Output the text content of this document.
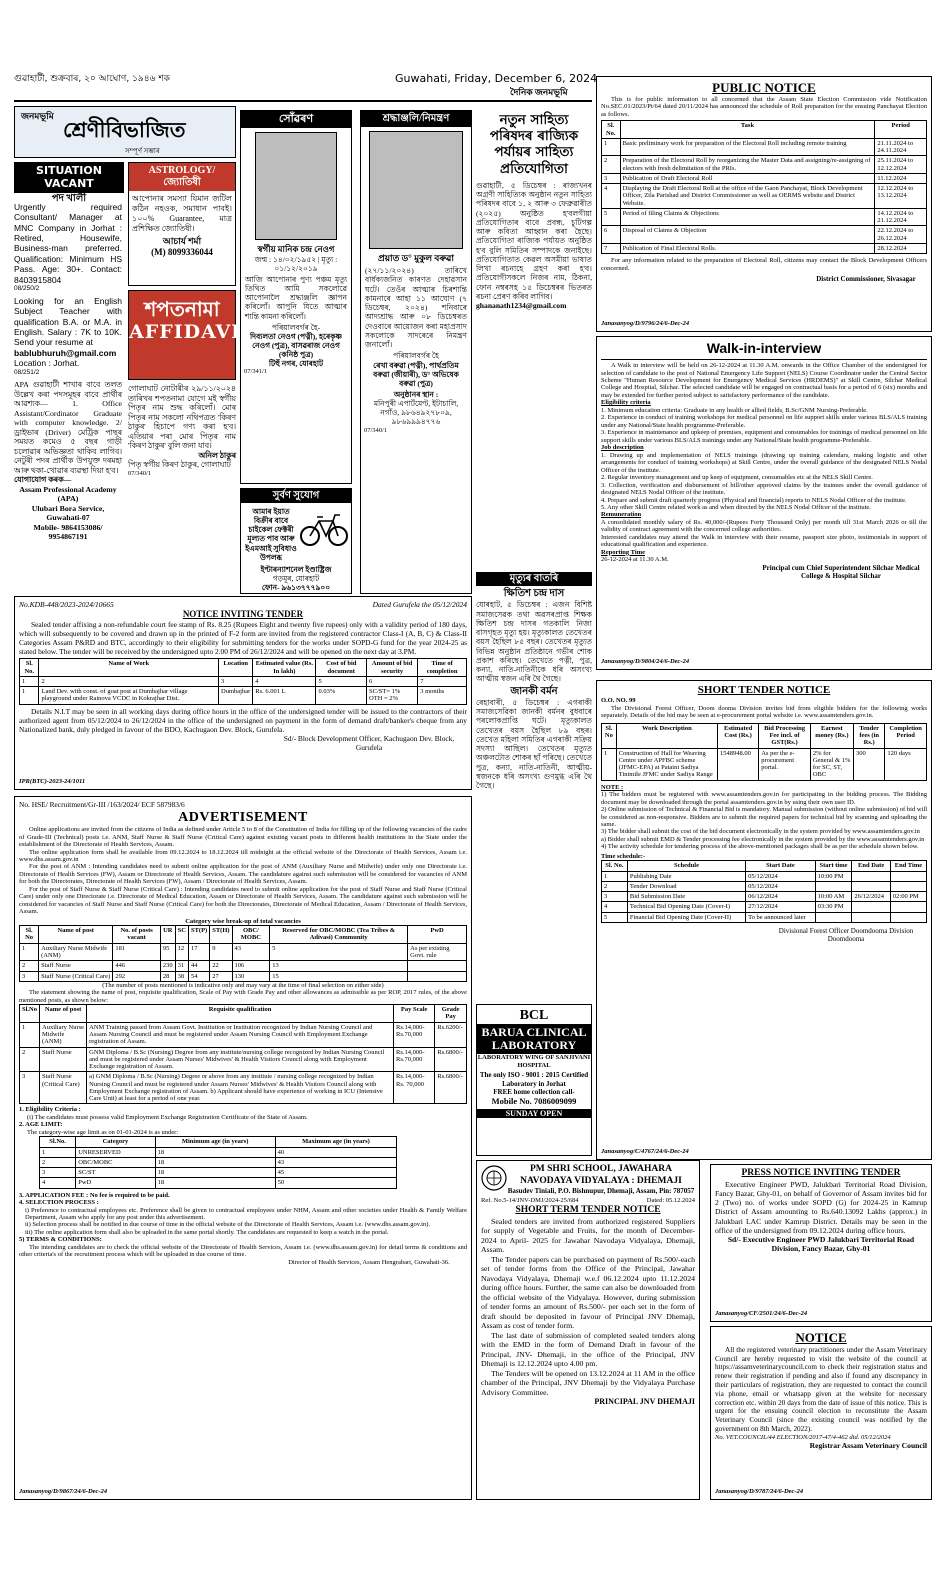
গুৱাহাটী, শুক্ৰবাৰ, ২০ আঘোণ, ১৯৪৬ শক	Guwahati, Friday, December 6, 2024
দৈনিক জনমভূমি
জনমভূমি
শ্ৰেণীবিভাজিত
সম্পূৰ্ণ সম্ভাৰ
SITUATION VACANT
পদ খালী
Urgently required Consultant/ Manager at MNC Company in Jorhat : Retired, Housewife, Business-man preferred. Qualification: Minimum HS Pass. Age: 30+. Contact: 8403915804
08/250/2
Looking for an English Subject Teacher with qualification B.A. or M.A. in English. Salary : 7K to 10K. Send your resume at
bablubhuruh@gmail.com
Location : Jorhat.
08/251/2
APA গুৱাহাটী শাখাৰ বাবে তলত উল্লেখ কৰা পদসমূহৰ বাবে প্ৰাৰ্থীৰ আৱশ্যক— 1. Office Assistant/Cordinator Graduate with computer knowledge. 2/ ড্ৰাইভাৰ (Driver) মেট্ৰিক পাছৰ সময়ত কমেও ৫ বছৰ গাড়ী চলোৱাৰ অভিজ্ঞতা থাকিব লাগিব। নেটুৰী পদৰ প্ৰাৰ্থীক উপযুক্ত দৰমহা আৰু থকা-খোৱাৰ ব্যৱস্থা দিয়া হ'ব।
যোগাযোগ কৰক—
Assam Professional Academy (APA)
Ulubari Bora Service, Guwahati-07
Mobile- 9864153086/ 9954867191
ASTROLOGY/জ্যোতিষী
আপোনাৰ সমস্যা যিমান জটিল কঠিন নহওক, সমাধান পাবই। ১০০% Guarantee, মাত্ৰ প্ৰশিক্ষিত জ্যোতিষী।
আচাৰ্য শৰ্মা
(M) 8099336044
শপতনামা
AFFIDAVIT
গোলাঘাট নোটাৰীৰ ২৯/১১/২০২৪ তাৰিখৰ শপতনামা যোগে মই স্বৰ্গীয় পিতৃৰ নাম শুদ্ধ কৰিলোঁ। মোৰ পিতৃৰ নাম সকলো নথিপত্ৰত 'কিৰণ ঠাকুৰ' হিচাপে গণ্য কৰা হ'ব। এতিয়াৰ পৰা মোৰ পিতৃৰ নাম 'কিৰণ ঠাকুৰ' বুলি জনা যাব।
অনিল ঠাকুৰ
পিতৃ স্বৰ্গীয় কিৰণ ঠাকুৰ, গোলাঘাট
07/340/1
সোঁৱৰণ
স্বৰ্গীয় মানিক চন্দ্ৰ নেওগ
জন্ম : ১৪/০২/১৯৫২ | মৃত্যু : ০১/১২/২০১৯
আজি আপোনাৰ পুণ্য পঞ্চম মৃত্যু তিথিত আমি সকলোৱে আপোনালৈ শ্ৰদ্ধাঞ্জলি জ্ঞাপন কৰিলোঁ। আপুনি যিতে আত্মাৰ শান্তি কামনা কৰিলোঁ।
পৰিয়ালবৰ্গৰ হৈ-
দিব্যলতা নেওগ (পত্নী), হৰেকৃষ্ণ নেওগ (পুত্ৰ), বাসৱৰাজ নেওগ (কনিষ্ঠ পুত্ৰ)
টিহুঁ নগৰ, যোৰহাট
07/341/1
শ্ৰদ্ধাঞ্জলি/নিমন্ত্ৰণ
প্ৰয়াত ড° মুকুল বৰুৱা
(২৭/১১/২০২৪) তাৰিখে বাৰ্ধক্যজনিত কাৰণত দেহাৱসান ঘটে। তেওঁৰ আত্মাৰ চিৰশান্তি কামনাৰে আহা ১১ আঘোণ (৭ ডিচেম্বৰ, ২০২৪) শনিবাৰে আদ্যশ্ৰাদ্ধ আৰু ০৮ ডিচেম্বৰত দেওবাৰে আয়োজন কৰা মহাপ্ৰসাদ সকলোকে সাদৰেৰে নিমন্ত্ৰণ জনালোঁ।
পৰিয়ালবৰ্গৰ হৈ
ৰেখা বৰুৱা (পত্নী), পাৰ্থপ্ৰতিম বৰুৱা (জীয়াৰী), ড° অভিষেক বৰুৱা (পুত্ৰ)
অনুষ্ঠানৰ স্থান :
মনিপুৰী এপাৰ্টমেণ্ট, ইটাচালি, নগাঁও, ৯৮৬৪৯২৭৮০৯, ৯৮৬৯৯৯৪৭৭৬
07/340/1
সুৰ্বণ সুযোগ
আমাৰ ইয়াত বিক্ৰীৰ বাবে চাইকেল ফেক্টৰী মূল্যত পাব আৰু ইএমআই সুবিধাও উপলব্ধ
ইণ্টাৰন্যাশনেল ইণ্ডাষ্ট্ৰিজ
গড়মূৰ, যোৰহাট
ফোন- ৯৬১৩৭৭৭৯০০
নতুন সাহিত্য পৰিষদৰ ৰাজ্যিক পৰ্যায়ৰ সাহিত্য প্ৰতিযোগিতা
গুৱাহাটী, ৫ ডিচেম্বৰ : ৰাজ্যখনৰ অগ্ৰণী সাহিত্যিক অনুষ্ঠান নতুন সাহিত্য পৰিষদৰ বাবে ১, ২ আৰু ৩ ফেব্ৰুৱাৰীত (২০২৫) অনুষ্ঠিত হ'বলগীয়া প্ৰতিযোগিতাৰ বাবে প্ৰবন্ধ, চুটিগল্প আৰু কবিতা আহ্বান কৰা হৈছে। প্ৰতিযোগিতা ৰাজ্যিক পৰ্যায়ত অনুষ্ঠিত হ'ব বুলি সমিতিৰ সম্পাদকে জনাইছে। প্ৰতিযোগিতাত কেৱল অসমীয়া ভাষাত লিখা ৰচনাহে গ্ৰহণ কৰা হ'ব। প্ৰতিযোগীসকলে নিজৰ নাম, ঠিকনা, ফোন নম্বৰসহ ১৫ ডিচেম্বৰৰ ভিতৰত ৰচনা প্ৰেৰণ কৰিব লাগিব।
ghananath1234@gmail.com
মৃত্যুৰ বাতৰি
ক্ষিতিশ চন্দ্ৰ দাস
যোৰহাট, ৫ ডিচেম্বৰ : এজন বিশিষ্ট সমাজসেৱক তথা অৱসৰপ্ৰাপ্ত শিক্ষক ক্ষিতিশ চন্দ্ৰ দাসৰ গতকালি নিজা বাসগৃহত মৃত্যু হয়। মৃত্যুকালত তেখেতৰ বয়স হৈছিল ৮৫ বছৰ। তেখেতৰ মৃত্যুত বিভিন্ন অনুষ্ঠান প্ৰতিষ্ঠানে গভীৰ শোক প্ৰকাশ কৰিছে। তেখেতে পত্নী, পুত্ৰ, কন্যা, নাতি-নাতিনীকে ধৰি অসংখ্য আত্মীয় স্বজন এৰি থৈ গৈছে।
জানকী বৰ্মন
ৰেহাবাৰী, ৫ ডিচেম্বৰ : এগৰাকী সমাজসেৱিকা জানকী বৰ্মনৰ বুধবাৰে পৰলোকপ্ৰাপ্তি ঘটে। মৃত্যুকালত তেখেতৰ বয়স হৈছিল ৮৯ বছৰ। তেখেত মহিলা সমিতিৰ এগৰাকী সক্ৰিয় সদস্যা আছিল। তেখেতৰ মৃত্যুত অঞ্চলটোত শোকৰ ছাঁ পৰিছে। তেখেতে পুত্ৰ, কন্যা, নাতি-নাতিনী, আত্মীয়-স্বজনকে ধৰি অসংখ্য গুণমুগ্ধ এৰি থৈ গৈছে।
No.KDB-448/2023-2024/10665	Dated Gurufela the 05/12/2024
NOTICE INVITING TENDER
Sealed tender affixing a non-refundable court fee stamp of Rs. 8.25 (Rupees Eight and twenty five rupees) only with a validity period of 180 days, which will subsequently to be covered and drawn up in the printed of F-2 form are invited from the registered contractor Class-I (A, B, C) & Class-II Categories Assam P&RD and BTC, accordingly to their eligibility for submitting tenders for the works under SOPD-G fund for the year 2024-25 as stated below. The tender will be received by the undersigned upto 2.00 PM of 26/12/2024 and will be opened on the next day at 3.PM.
Sl. No.	Name of Work	Location	Estimated value (Rs. In lakh)	Cost of bid document	Amount of bid security	Time of completion
1	2	3	4	5	6	7
1	Land Dev. with const. of goat post at Dumbajhar village playground under Rainova VCDC in Kokrajhar Dist.	Dumbajhar	Rs. 6.001 L	0.03%	SC/ST= 1% OTH = 2%	3 months
Details N.I.T may be seen in all working days during office hours in the office of the undersigned tender will be issued to the contractors of their authorized agent from 05/12/2024 to 26/12/2024 in the office of the undersigned on payment in the form of demand draft/banker's cheque from any Nationalized bank, duly pledged in favour of the BDO, Kachugaon Dev. Block, Gurufela.
Sd/- Block Development Officer, Kachugaon Dev. Block, Gurufela
IPR(BTC)-2023-24/1011
No. HSE/ Recruitment/Gr-III /163/2024/ ECF 587983/6
ADVERTISEMENT
Online applications are invited from the citizens of India as defined under Article 5 to 8 of the Constitution of India for filling up of the following vacancies of the cadre of Grade-III (Technical) posts i.e. ANM, Staff Nurse & Staff Nurse (Critical Care) against existing vacant posts in different health institutions in the State under the establishment of the Directorate of Health Services, Assam.
The online application form shall be available from 09.12.2024 to 18.12.2024 till midnight at the official website of the Directorate of Health Services, Assam i.e. www.dhs.assam.gov.in
For the post of ANM : Intending candidates need to submit online application for the post of ANM (Auxiliary Nurse and Midwife) under only one Directorate i.e. Directorate of Health Services (FW), Assam or Directorate of Health Services, Assam. The candidature against such submission will be considered for vacancies of ANM for both the Directorates, Directorate of Health Services (FW), Assam / Directorate of Health Services, Assam.
For the post of Staff Nurse & Staff Nurse (Critical Care) : Intending candidates need to submit online application for the post of Staff Nurse and Staff Nurse (Critical Care) under only one Directorate i.e. Directorate of Medical Education, Assam or Directorate of Health Services, Assam. The candidature against such submission will be considered for vacancies of Staff Nurse and Staff Nurse (Critical Care) for both the Directorates, Directorate of Medical Education, Assam / Directorate of Health Services, Assam.
Category wise break-up of total vacancies
Sl. No	Name of post	No. of posts vacant	UR	SC	ST(P)	ST(H)	OBC/ MOBC	Reserved for OBC/MOBC (Tea Tribes & Adivasi) Community	PwD
1	Auxiliary Nurse Midwife (ANM)	181	95	12	17	9	43	5	As per existing Govt. rule
2	Staff Nurse	446	230	31	44	22	106	13	
3	Staff Nurse (Critical Care)	292	28	38	54	27	130	15	
(The number of posts mentioned is indicative only and may vary at the time of final selection on either side)
The statement showing the name of post, requisite qualification, Scale of Pay with Grade Pay and other allowances as admissible as per ROP, 2017 rules, of the above mentioned posts, as shown below:
Sl.No	Name of post	Requisite qualification	Pay Scale	Grade Pay
1	Auxiliary Nurse Midwife (ANM)	ANM Training passed from Assam Govt. Institution or Institution recognized by Indian Nursing Council and Assam Nursing Council and must be registered under Assam Nursing Council with Employment Exchange registration of Assam.	Rs.14,000-Rs.70,000	Rs.6200/-
2	Staff Nurse	GNM Diploma / B.Sc (Nursing) Degree from any institute/nursing college recognized by Indian Nursing Council and must be registered under Assam Nurses' Midwives' & Health Visitors Council along with Employment Exchange registration of Assam.	Rs.14,000-Rs.70,000	Rs.6800/-
3	Staff Nurse (Critical Care)	a) GNM Diploma / B.Sc (Nursing) Degree or above from any institute / nursing college recognized by Indian Nursing Council and must be registered under Assam Nurses' Midwives' & Health Visitors Council along with Employment Exchange registration of Assam. b) Applicant should have experience of working in ICU (Intensive Care Unit) at least for a period of one year.	Rs.14,000-Rs. 70,000	Rs.6800/-
1. Eligibility Criteria :
(i) The candidates must possess valid Employment Exchange Registration Certificate of the State of Assam.
2. AGE LIMIT:
The category-wise age limit as on 01-01-2024 is as under:
Sl.No.	Category	Minimum age (in years)	Maximum age (in years)
1	UNRESERVED	18	40
2	OBC/MOBC	18	43
3	SC/ST	18	45
4	PwD	18	50
3. APPLICATION FEE : No fee is required to be paid.
4. SELECTION PROCESS :
i) Preference to contractual employees etc. Preference shall be given to contractual employees under NHM, Assam and other societies under Health & Family Welfare Department, Assam who apply for any post under this advertisement.
ii) Selection process shall be notified in due course of time in the official website of the Directorate of Health Services, Assam i.e. (www.dhs.assam.gov.in).
iii) The online application form shall also be uploaded in the same portal shortly. The candidates are requested to keep a watch in the portal.
5) TERMS & CONDITIONS:
The intending candidates are to check the official website of the Directorate of Health Services, Assam i.e. (www.dhs.assam.gov.in) for detail terms & conditions and other criteria's of the recruitment process which will be uploaded in due course of time.
Director of Health Services, Assam Hengrabari, Guwahati-36.
Janasanyog/D/9867/24/6-Dec-24
BCL
BARUA CLINICAL LABORATORY
LABORATORY WING OF SANJIVANI HOSPITAL
The only ISO - 9001 : 2015 Certified Laboratory in Jorhat
FREE home collection call-
Mobile No. 7086009099
SUNDAY OPEN
PM SHRI SCHOOL, JAWAHARA
NAVODAYA VIDYALAYA : DHEMAJI
Basudev Tiniali, P.O. Bishnupur, Dhemaji, Assam, Pin: 787057
Ref. No.5-14/JNV-DMJ/2024-25/684	Dated: 05.12.2024
SHORT TERM TENDER NOTICE
Sealed tenders are invited from authorized registered Suppliers for supply of Vegetable and Fruits, for the month of December- 2024 to April- 2025 for Jawahar Navodaya Vidyalaya, Dhemaji, Assam.
The Tender papers can be purchased on payment of Rs.500/-each set of tender forms from the Office of the Principal, Jawahar Navodaya Vidyalaya, Dhemaji w.e.f 06.12.2024 upto 11.12.2024 during office hours. Further, the same can also be downloaded from the official website of the Vidyalaya. However, during submission of tender forms an amount of Rs.500/- per each set in the form of draft should be deposited in favour of Principal JNV Dhemaji, Assam as cost of tender form.
The last date of submission of completed sealed tenders along with the EMD in the form of Demand Draft in favour of the Principal, JNV- Dhemaji, in the office of the Principal, JNV Dhemaji is 12.12.2024 upto 4.00 pm.
The Tenders will be opened on 13.12.2024 at 11 AM in the office chamber of the Principal, JNV Dhemaji by the Vidyalaya Purchase Advisory Committee.
PRINCIPAL JNV DHEMAJI
PUBLIC NOTICE
This is for public information to all concerned that the Assam State Election Commission vide Notification No.SEC.01/2023/Pt/64 dated 20/11/2024 has announced the schedule of Roll preparation for the ensuing Panchayat Election as follows.
Sl. No.	Task	Period
1	Basic preliminary work for preparation of the Electoral Roll including remote training	21.11.2024 to 24.11.2024
2	Preparation of the Electoral Roll by reorganizing the Master Data and assigning/re-assigning of electors with fresh delimitation of the PRIs.	25.11.2024 to 12.12.2024
3	Publication of Draft Electoral Roll	11.12.2024
4	Displaying the Draft Electoral Roll at the office of the Gaon Panchayat, Block Development Officer, Zila Parishad and District Commissioner as well as OERMS website and District Website.	12.12.2024 to 13.12.2024
5	Period of filing Claims & Objections	14.12.2024 to 21.12.2024
6	Disposal of Claims & Objection	22.12.2024 to 26.12.2024
7	Publication of Final Electoral Rolls.	28.12.2024
For any information related to the preparation of Electoral Roll, citizens may contact the Block Development Officers concerned.
District Commissioner, Sivasagar
Janasanyog/D/9796/24/6-Dec-24
Walk-in-interview
A Walk in interview will be held on 26-12-2024 at 11.30 A.M. onwards in the Office Chamber of the undersigned for selection of candidate to the post of National Emergency Life Support (NELS) Course Coordinator under the Central Sector Scheme "Human Resource Development for Emergency Medical Services (HRDEMS)" at Skill Centre, Silchar Medical College and Hospital, Silchar. The selected candidate will be engaged on contractual basis for a period of 6 (six) months and may be extended for further period subject to satisfactory performance of the candidate.
Eligibility criteria
1. Minimum education criteria: Graduate in any health or allied fields, B.Sc/GNM Nursing-Preferable.
2. Experience in conduct of training workshops for medical personnel on life support skills under various BLS/ALS training under any National/State health programme-Preferable.
3. Experience in maintenance and upkeep of premises, equipment and consumables for trainings of medical personnel on life support skills under various BLS/ALS trainings under any National/State health programme-Preferable.
Job description
1. Drawing up and implementation of NELS trainings (drawing up training calendars, making logistic and other arrangements for conduct of training workshops) at Skill Centre, under the overall guidance of the designated NELS Nodal Officer of the institute.
2. Regular inventory management and up keep of equipment, consumables etc at the NELS Skill Centre.
3. Collection, verification and disbursement of bill/other approved claims by the trainees under the overall guidance of designated NELS Nodal Officer of the institute.
4. Prepare and submit draft quarterly progress (Physical and financial) reports to NELS Nodal Officer of the institute.
5. Any other Skill Centre related work as and when directed by the NELS Nodal Officer of the institute.
Remuneration
A consolidated monthly salary of Rs. 40,000/-(Rupees Forty Thousand Only) per month till 31st March 2026 or till the validity of contract agreement with the concerned college authorities.
Interested candidates may attend the Walk in interview with their resume, passport size photo, testimonials in support of educational qualification and experience.
Reporting Time
26-12-2024 at 11.30 A.M.
Principal cum Chief Superintendent Silchar Medical College & Hospital Silchar
Janasanyog/D/9804/24/6-Dec-24
SHORT TENDER NOTICE
O.O. NO. 99
The Divisional Forest Officer, Doom dooma Division invites bid from eligible bidders for the following works separately. Details of the bid may be seen at e-procurement portal website i.e. www.assamtenders.gov.in.
Sl. No	Work Description	Estimated Cost (Rs.)	Bid Processing Fee incl. of GST(Rs.)	Earnest money (Rs.)	Tender fees (in Rs.)	Completion Period
1	Construction of Hall for Weaving Centre under APFBC scheme (JFMC-EPA) at Pataini Sadiya Tinimile JFMC under Sadiya Range	1548948.00	As per the e-procurement portal.	2% for General & 1% for SC, ST, OBC	300	120 days
NOTE :
1) The bidders must be registered with www.assamtenders.gov.in for participating in the bidding process. The Bidding document may be downloaded through the portal assamtenders.gov.in by using their own user ID.
2) Online submission of Technical & Financial Bid is mandatory. Manual submission (without online submission) of bid will be considered as non-responsive. Bidders are to submit the required papers for technical bid by scanning and uploading the same.
3) The bidder shall submit the cost of the bid document electronically in the system provided by www.assamtenders.gov.in
a) Bidder shall submit EMD & Tender processing fee electronically in the system provided by the www.assamtenders.gov.in
4) The activity schedule for tendering process of the above-mentioned packages shall be as per the schedule shown below.
Time schedule:-
Sl. No.	Schedule	Start Date	Start time	End Date	End Time
1	Publishing Date	05/12/2024	10:00 PM		
2	Tender Download	05/12/2024			
3	Bid Submission Date	06/12/2024	10:00 AM	26/12/2024	02:00 PM
4	Technical Bid Opening Date (Cover-I)	27/12/2024	03:30 PM		
5	Financial Bid Opening Date (Cover-II)	To be announced later			
Divisional Forest Officer Doomdooma Division Doomdooma
Janasanyog/C/4767/24/6-Dec-24
PRESS NOTICE INVITING TENDER
Executive Engineer PWD, Jalukbari Territorial Road Division, Fancy Bazar, Ghy-01, on behalf of Governor of Assam invites bid for 2 (Two) no. of works under SOPD (G) for 2024-25 in Kamrup District of Assam amounting to Rs.640.13092 Lakhs (approx.) in Jalukbari LAC under Kamrup District. Details may be seen in the office of the undersigned from 09.12.2024 during office hours.
Sd/- Executive Engineer PWD Jalukbari Territorial Road Division, Fancy Bazar, Ghy-01
Janasanyog/CF/2501/24/6-Dec-24
NOTICE
All the registered veterinary practitioners under the Assam Veterinary Council are hereby requested to visit the website of the council at https://assamveterinarycouncil.com to check their registration status and renew their registration if pending and also if found any discrepancy in their particulars of registration, they are requested to contact the council via phone, email or whatsapp given at the website for necessary correction etc. within 20 days from the date of issue of this notice. This is urgent for the ensuing council election to reconstitute the Assam Veterinary Council (since the existing council was notified by the government on 8th March, 2022).
No. VET.COUNCIL/44 ELECTION/2017-47/4-462 dtd. 05/12/2024
Registrar Assam Veterinary Council
Janasanyog/D/9787/24/6-Dec-24
